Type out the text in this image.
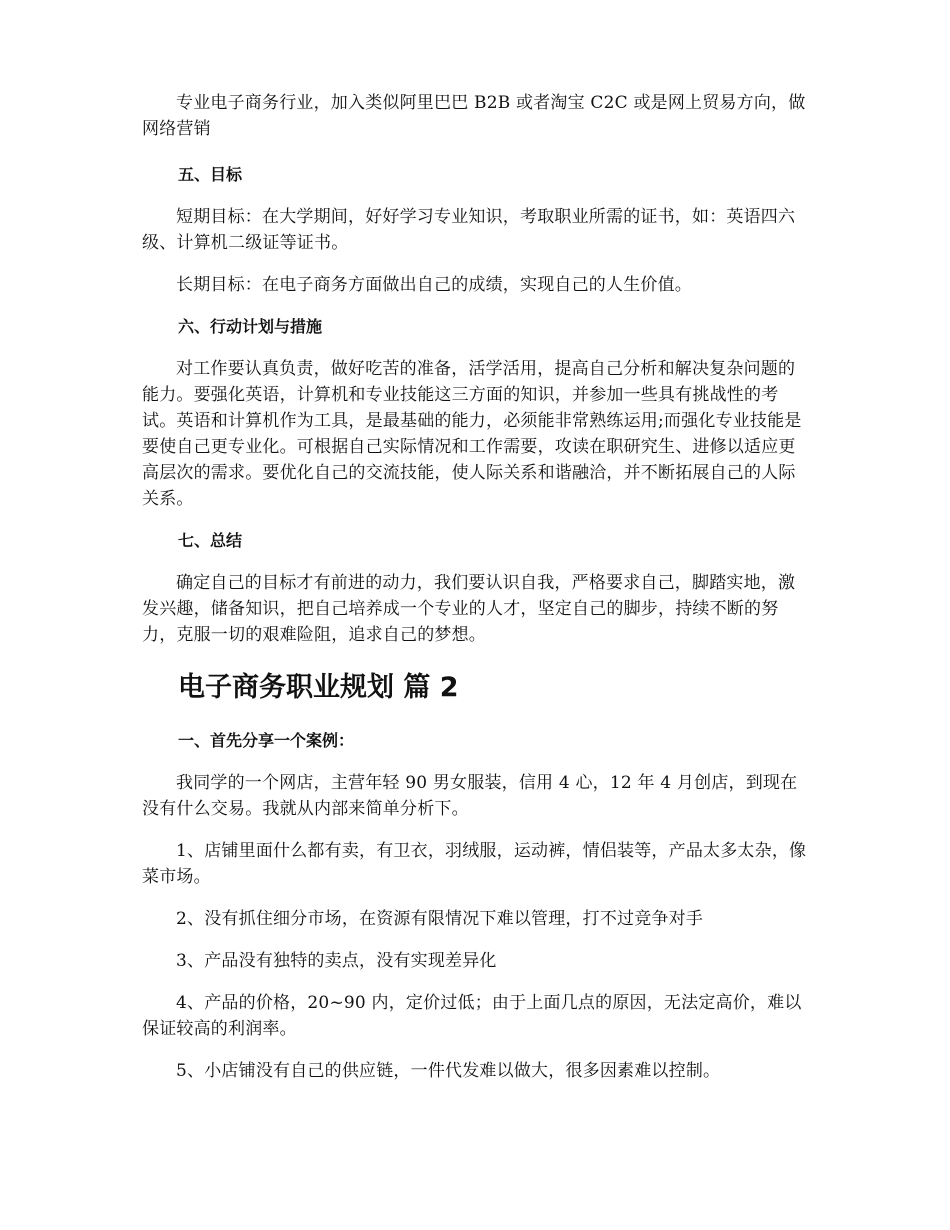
专业电子商务行业，加入类似阿里巴巴 B2B 或者淘宝 C2C 或是网上贸易方向，做网络营销

五、目标

短期目标：在大学期间，好好学习专业知识，考取职业所需的证书，如：英语四六级、计算机二级证等证书。

长期目标：在电子商务方面做出自己的成绩，实现自己的人生价值。

六、行动计划与措施

对工作要认真负责，做好吃苦的准备，活学活用，提高自己分析和解决复杂问题的能力。要强化英语，计算机和专业技能这三方面的知识，并参加一些具有挑战性的考试。英语和计算机作为工具，是最基础的能力，必须能非常熟练运用;而强化专业技能是要使自己更专业化。可根据自己实际情况和工作需要，攻读在职研究生、进修以适应更高层次的需求。要优化自己的交流技能，使人际关系和谐融洽，并不断拓展自己的人际关系。

七、总结

确定自己的目标才有前进的动力，我们要认识自我，严格要求自己，脚踏实地，激发兴趣，储备知识，把自己培养成一个专业的人才，坚定自己的脚步，持续不断的努力，克服一切的艰难险阻，追求自己的梦想。

电子商务职业规划 篇 2

一、首先分享一个案例：

我同学的一个网店，主营年轻 90 男女服装，信用 4 心，12 年 4 月创店，到现在没有什么交易。我就从内部来简单分析下。

1、店铺里面什么都有卖，有卫衣，羽绒服，运动裤，情侣装等，产品太多太杂，像菜市场。

2、没有抓住细分市场，在资源有限情况下难以管理，打不过竞争对手

3、产品没有独特的卖点，没有实现差异化

4、产品的价格，20~90 内，定价过低；由于上面几点的原因，无法定高价，难以保证较高的利润率。

5、小店铺没有自己的供应链，一件代发难以做大，很多因素难以控制。
